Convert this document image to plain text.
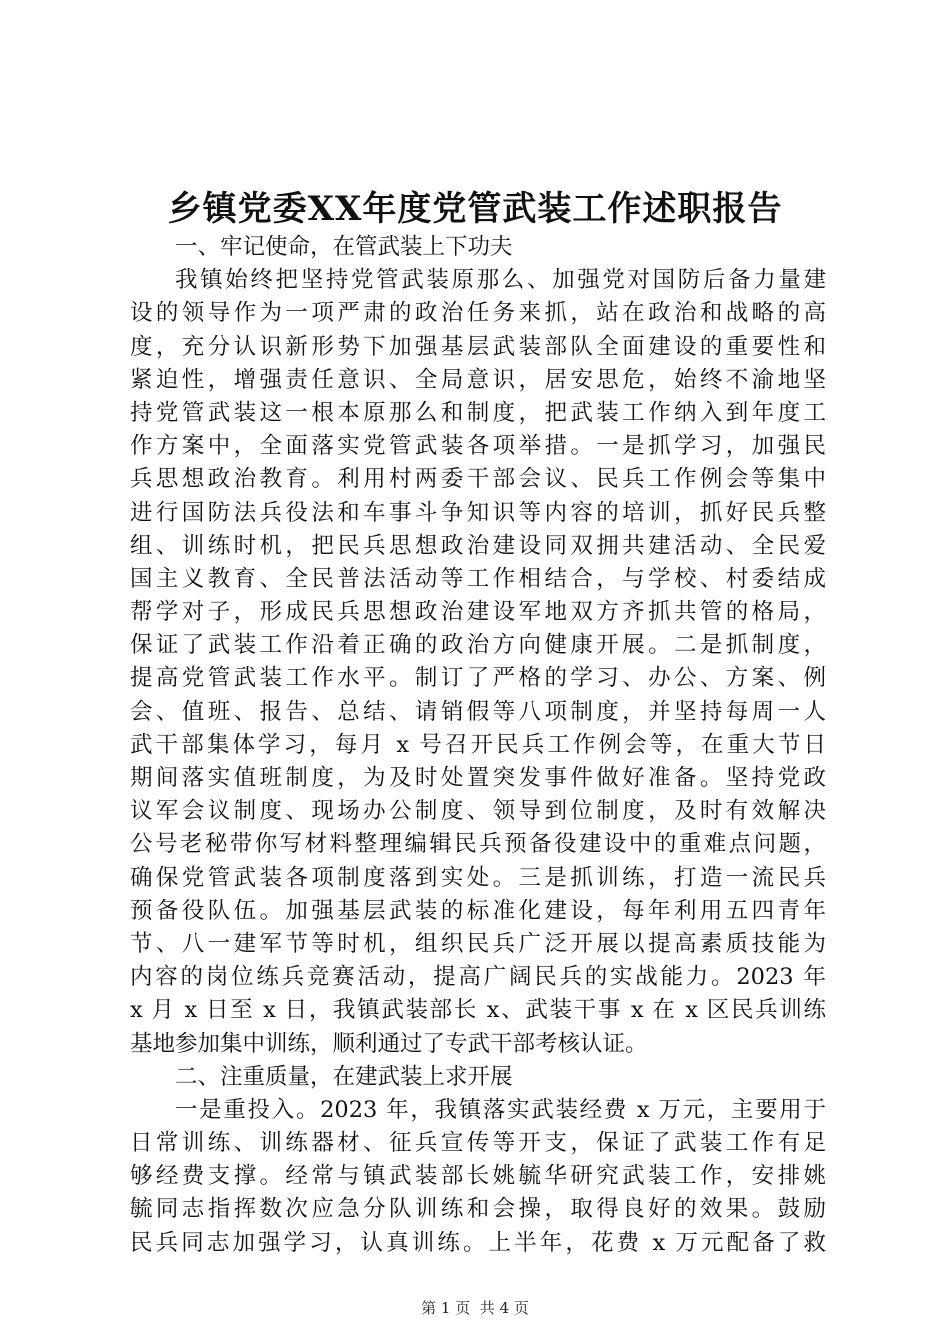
乡镇党委XX年度党管武装工作述职报告
一、牢记使命，在管武装上下功夫
我镇始终把坚持党管武装原那么、加强党对国防后备力量建
设的领导作为一项严肃的政治任务来抓，站在政治和战略的高
度，充分认识新形势下加强基层武装部队全面建设的重要性和
紧迫性，增强责任意识、全局意识，居安思危，始终不渝地坚
持党管武装这一根本原那么和制度，把武装工作纳入到年度工
作方案中，全面落实党管武装各项举措。一是抓学习，加强民
兵思想政治教育。利用村两委干部会议、民兵工作例会等集中
进行国防法兵役法和车事斗争知识等内容的培训，抓好民兵整
组、训练时机，把民兵思想政治建设同双拥共建活动、全民爱
国主义教育、全民普法活动等工作相结合，与学校、村委结成
帮学对子，形成民兵思想政治建设军地双方齐抓共管的格局，
保证了武装工作沿着正确的政治方向健康开展。二是抓制度，
提高党管武装工作水平。制订了严格的学习、办公、方案、例
会、值班、报告、总结、请销假等八项制度，并坚持每周一人
武干部集体学习，每月 x 号召开民兵工作例会等，在重大节日
期间落实值班制度，为及时处置突发事件做好准备。坚持党政
议军会议制度、现场办公制度、领导到位制度，及时有效解决
公号老秘带你写材料整理编辑民兵预备役建设中的重难点问题，
确保党管武装各项制度落到实处。三是抓训练，打造一流民兵
预备役队伍。加强基层武装的标准化建设，每年利用五四青年
节、八一建军节等时机，组织民兵广泛开展以提高素质技能为
内容的岗位练兵竞赛活动，提高广阔民兵的实战能力。2023 年
x 月 x 日至 x 日，我镇武装部长 x、武装干事 x 在 x 区民兵训练
基地参加集中训练，顺利通过了专武干部考核认证。
二、注重质量，在建武装上求开展
一是重投入。2023 年，我镇落实武装经费 x 万元，主要用于
日常训练、训练器材、征兵宣传等开支，保证了武装工作有足
够经费支撑。经常与镇武装部长姚毓华研究武装工作，安排姚
毓同志指挥数次应急分队训练和会操，取得良好的效果。鼓励
民兵同志加强学习，认真训练。上半年，花费 x 万元配备了救
第 1 页  共 4 页
